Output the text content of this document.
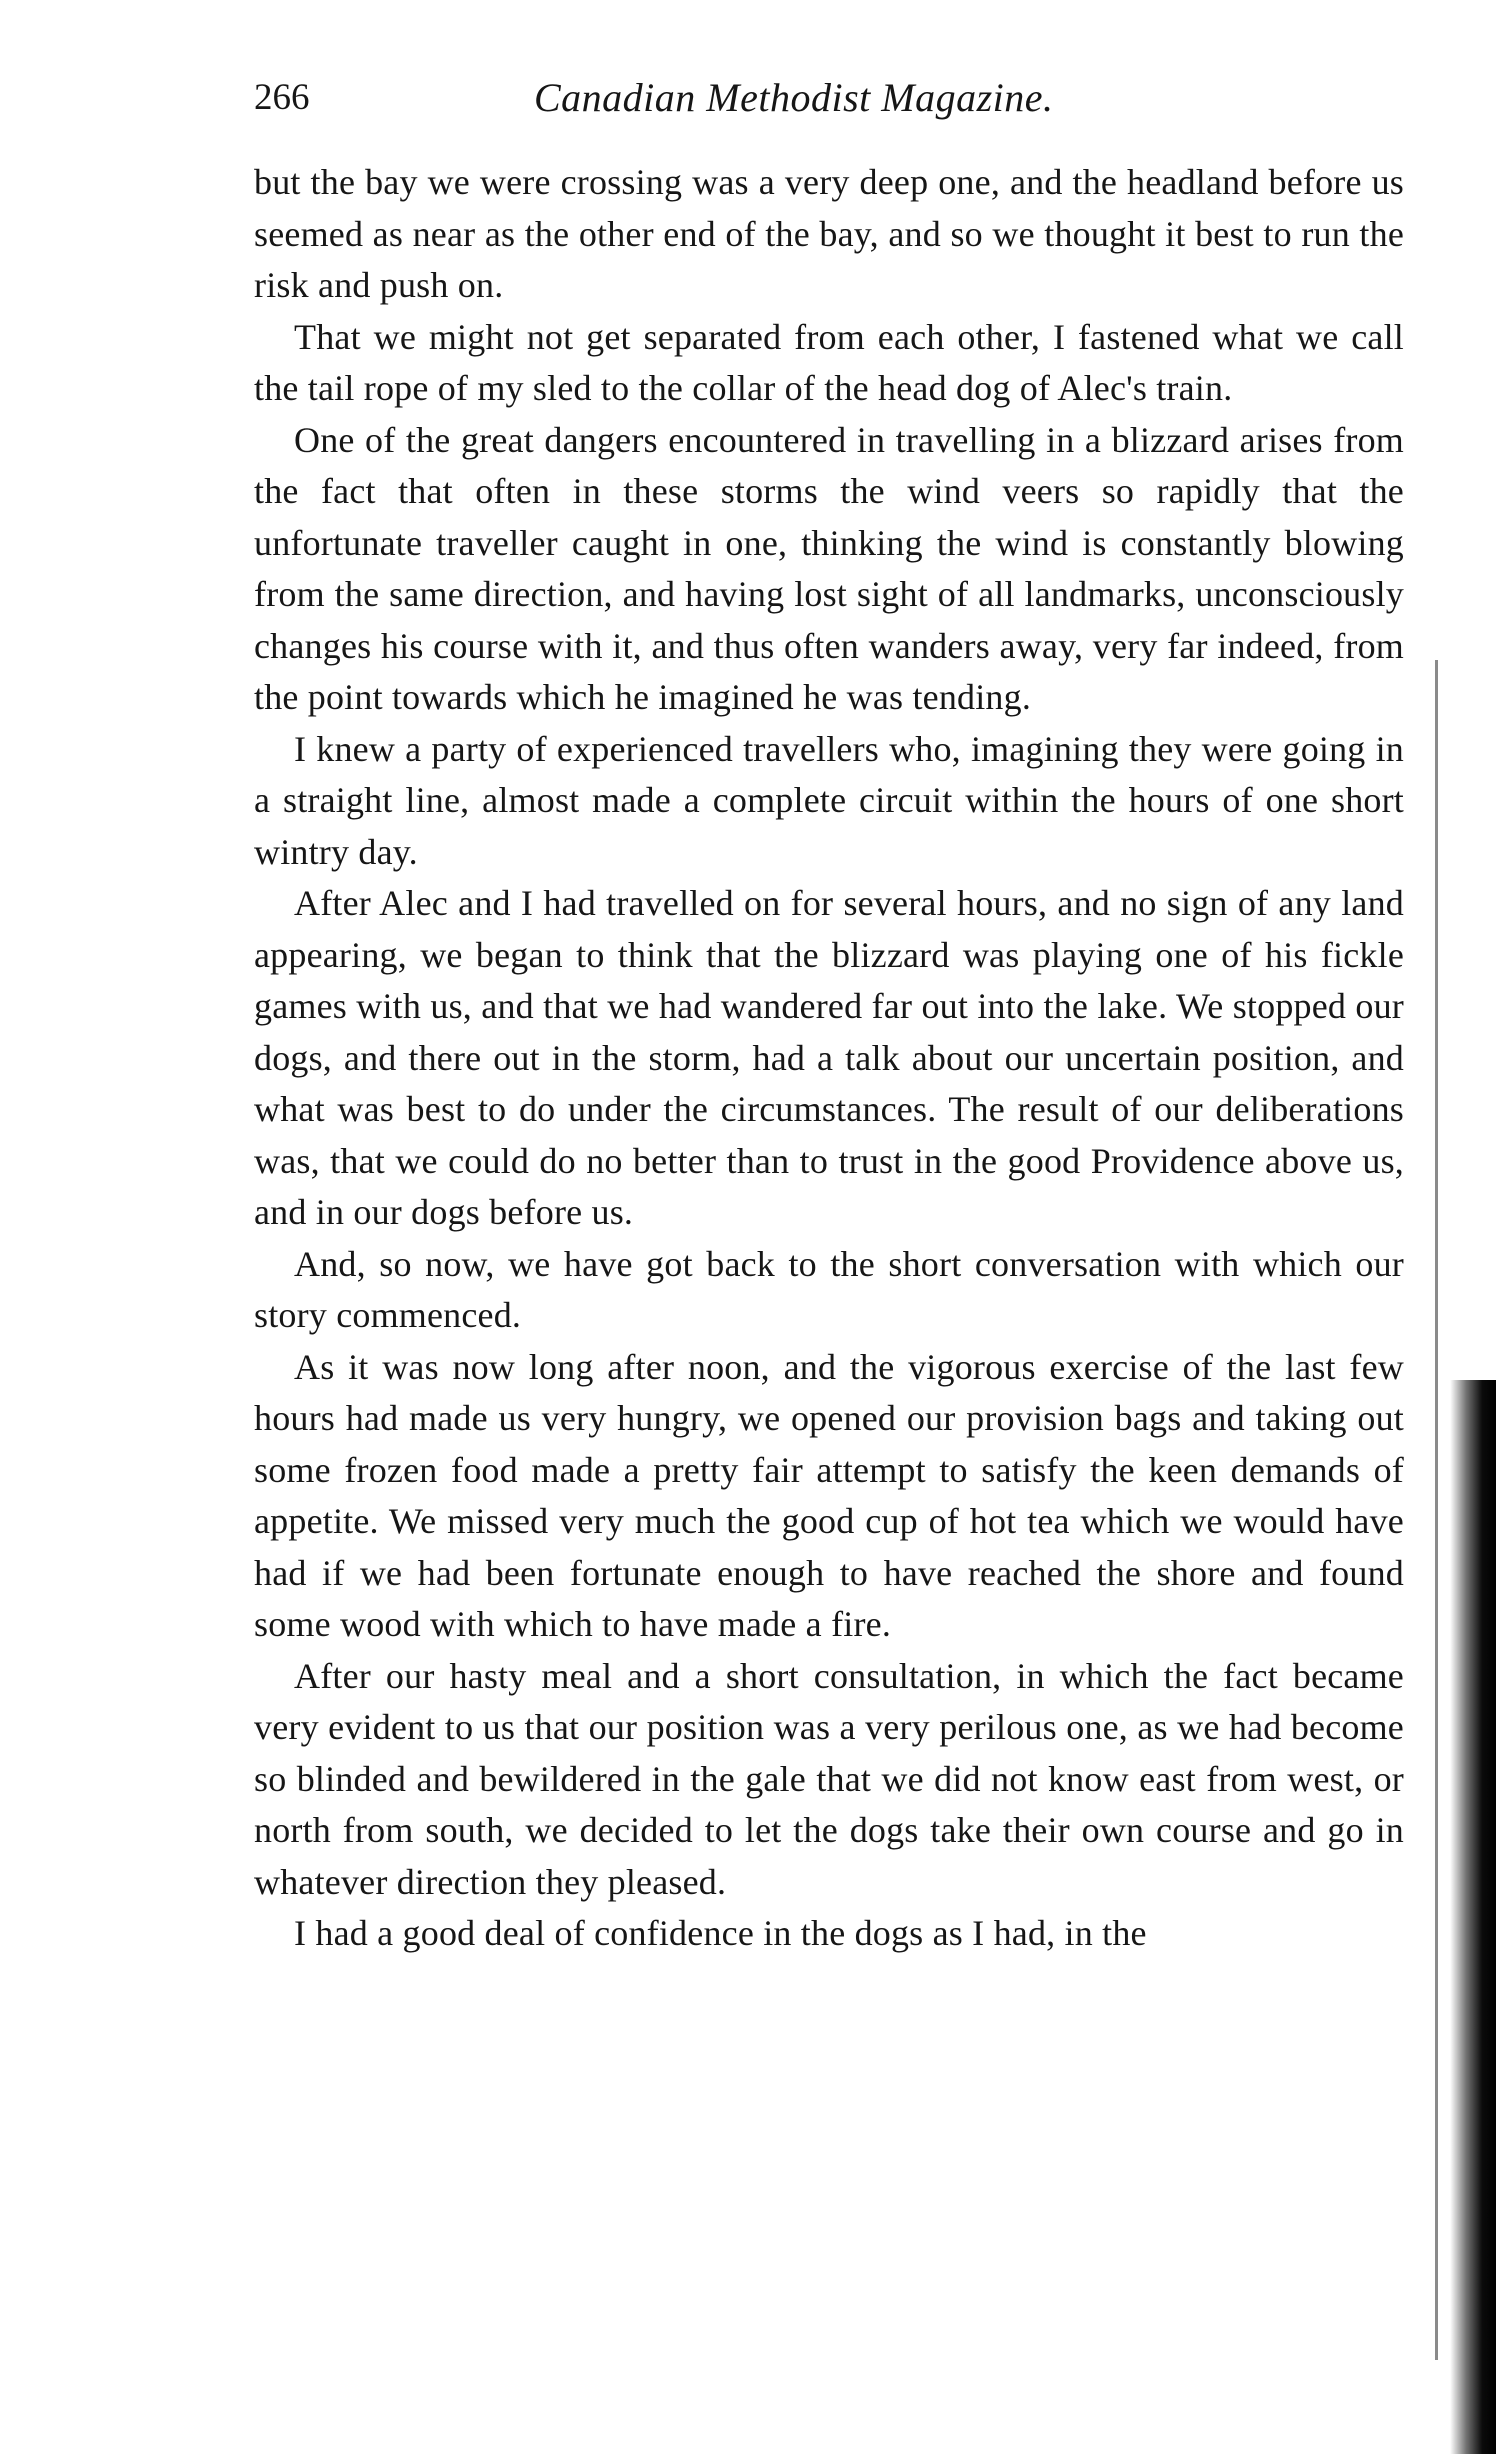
266	Canadian Methodist Magazine.

but the bay we were crossing was a very deep one, and the headland before us seemed as near as the other end of the bay, and so we thought it best to run the risk and push on.

That we might not get separated from each other, I fastened what we call the tail rope of my sled to the collar of the head dog of Alec's train.

One of the great dangers encountered in travelling in a blizzard arises from the fact that often in these storms the wind veers so rapidly that the unfortunate traveller caught in one, thinking the wind is constantly blowing from the same direction, and having lost sight of all landmarks, unconsciously changes his course with it, and thus often wanders away, very far indeed, from the point towards which he imagined he was tending.

I knew a party of experienced travellers who, imagining they were going in a straight line, almost made a complete circuit within the hours of one short wintry day.

After Alec and I had travelled on for several hours, and no sign of any land appearing, we began to think that the blizzard was playing one of his fickle games with us, and that we had wandered far out into the lake. We stopped our dogs, and there out in the storm, had a talk about our uncertain position, and what was best to do under the circumstances. The result of our deliberations was, that we could do no better than to trust in the good Providence above us, and in our dogs before us.

And, so now, we have got back to the short conversation with which our story commenced.

As it was now long after noon, and the vigorous exercise of the last few hours had made us very hungry, we opened our provision bags and taking out some frozen food made a pretty fair attempt to satisfy the keen demands of appetite. We missed very much the good cup of hot tea which we would have had if we had been fortunate enough to have reached the shore and found some wood with which to have made a fire.

After our hasty meal and a short consultation, in which the fact became very evident to us that our position was a very perilous one, as we had become so blinded and bewildered in the gale that we did not know east from west, or north from south, we decided to let the dogs take their own course and go in whatever direction they pleased.

I had a good deal of confidence in the dogs as I had, in the
